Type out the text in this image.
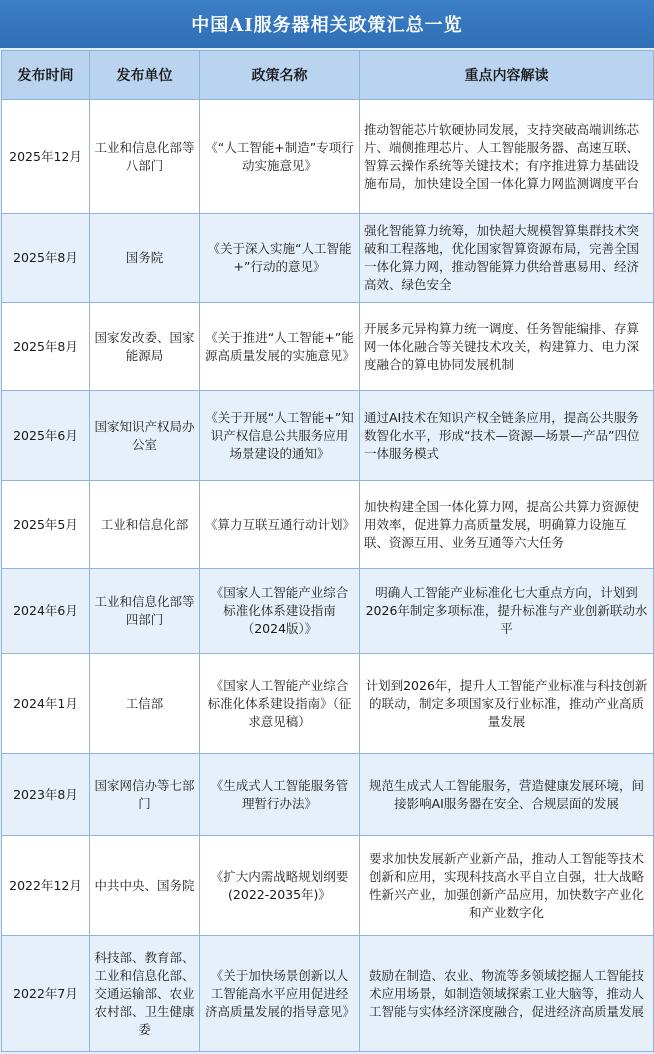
中国AI服务器相关政策汇总一览
发布时间	发布单位	政策名称	重点内容解读
2025年12月	工业和信息化部等八部门	《“人工智能+制造”专项行动实施意见》	推动智能芯片软硬协同发展，支持突破高端训练芯片、端侧推理芯片、人工智能服务器、高速互联、智算云操作系统等关键技术；有序推进算力基础设施布局，加快建设全国一体化算力网监测调度平台
2025年8月	国务院	《关于深入实施“人工智能+”行动的意见》	强化智能算力统筹，加快超大规模智算集群技术突破和工程落地，优化国家智算资源布局，完善全国一体化算力网，推动智能算力供给普惠易用、经济高效、绿色安全
2025年8月	国家发改委、国家能源局	《关于推进“人工智能+”能源高质量发展的实施意见》	开展多元异构算力统一调度、任务智能编排、存算网一体化融合等关键技术攻关，构建算力、电力深度融合的算电协同发展机制
2025年6月	国家知识产权局办公室	《关于开展“人工智能+”知识产权信息公共服务应用场景建设的通知》	通过AI技术在知识产权全链条应用，提高公共服务数智化水平，形成“技术—资源—场景—产品”四位一体服务模式
2025年5月	工业和信息化部	《算力互联互通行动计划》	加快构建全国一体化算力网，提高公共算力资源使用效率，促进算力高质量发展，明确算力设施互联、资源互用、业务互通等六大任务
2024年6月	工业和信息化部等四部门	《国家人工智能产业综合标准化体系建设指南（2024版）》	明确人工智能产业标准化七大重点方向，计划到2026年制定多项标准，提升标准与产业创新联动水平
2024年1月	工信部	《国家人工智能产业综合标准化体系建设指南》（征求意见稿）	计划到2026年，提升人工智能产业标准与科技创新的联动，制定多项国家及行业标准，推动产业高质量发展
2023年8月	国家网信办等七部门	《生成式人工智能服务管理暂行办法》	规范生成式人工智能服务，营造健康发展环境，间接影响AI服务器在安全、合规层面的发展
2022年12月	中共中央、国务院	《扩大内需战略规划纲要(2022-2035年)》	要求加快发展新产业新产品，推动人工智能等技术创新和应用，实现科技高水平自立自强，壮大战略性新兴产业，加强创新产品应用，加快数字产业化和产业数字化
2022年7月	科技部、教育部、工业和信息化部、交通运输部、农业农村部、卫生健康委	《关于加快场景创新以人工智能高水平应用促进经济高质量发展的指导意见》	鼓励在制造、农业、物流等多领域挖掘人工智能技术应用场景，如制造领域探索工业大脑等，推动人工智能与实体经济深度融合，促进经济高质量发展
